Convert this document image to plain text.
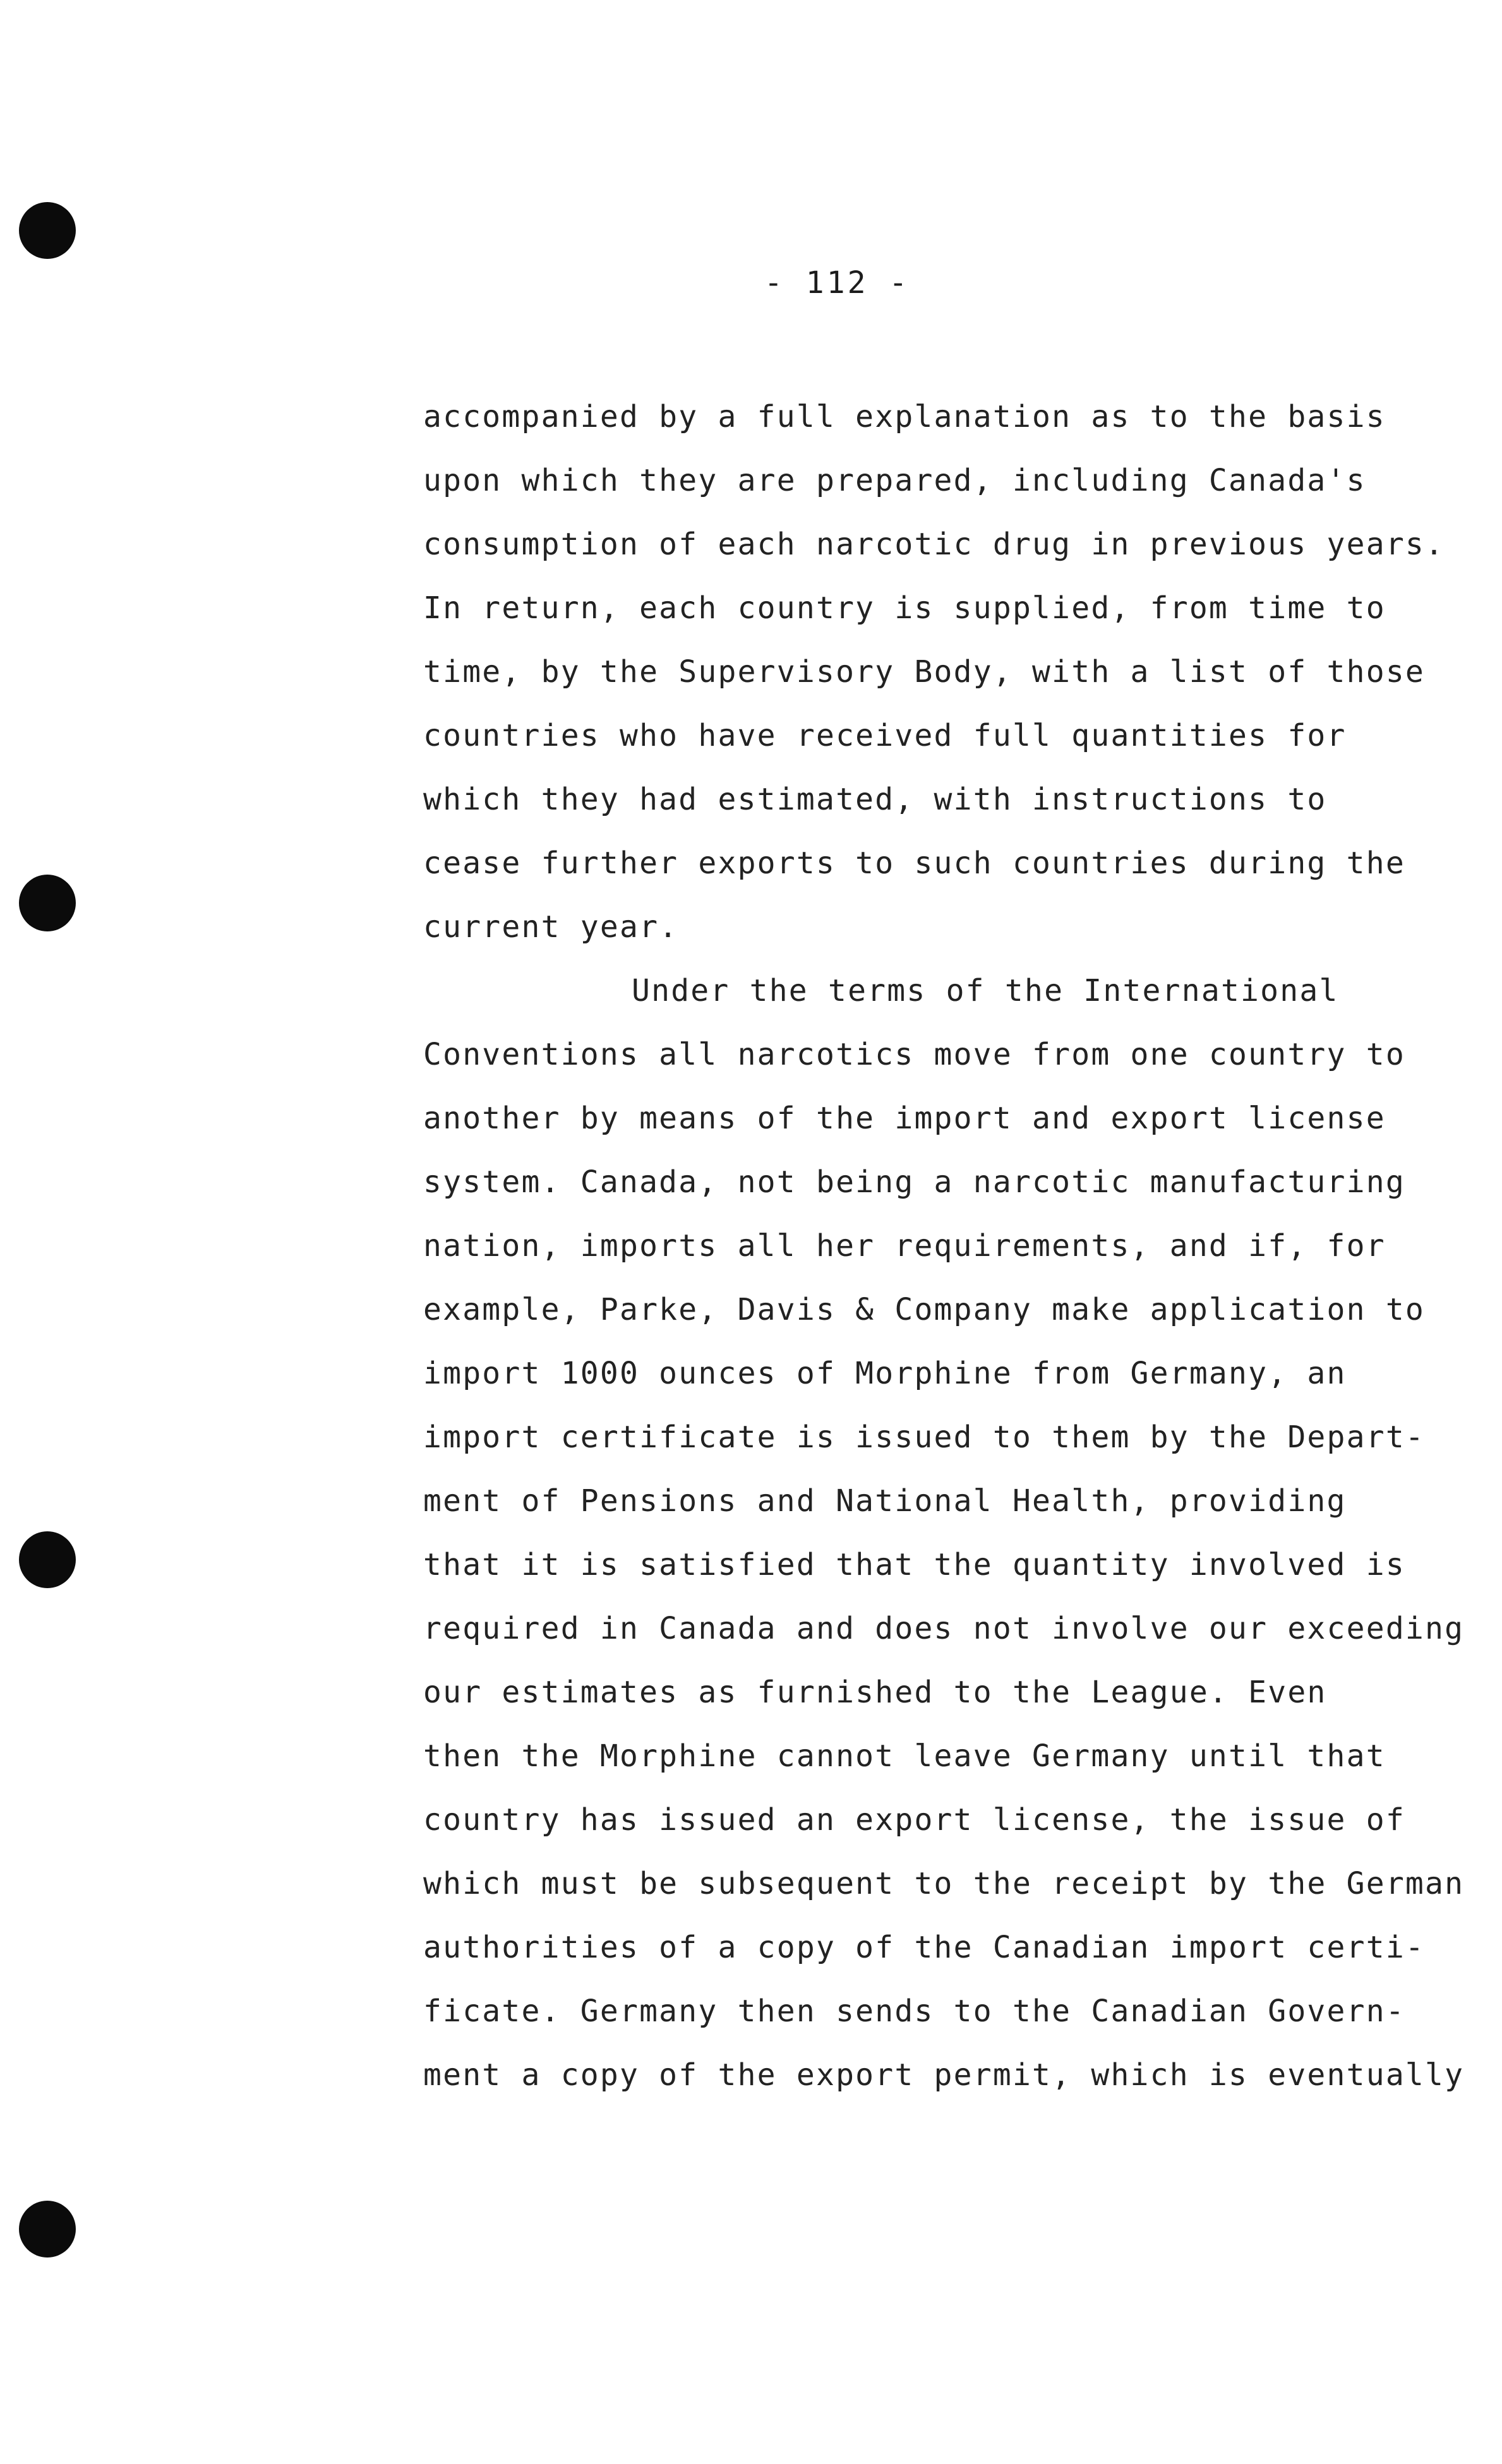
- 112 -
accompanied by a full explanation as to the basis
upon which they are prepared, including Canada's
consumption of each narcotic drug in previous years.
In return, each country is supplied, from time to
time, by the Supervisory Body, with a list of those
countries who have received full quantities for
which they had estimated, with instructions to
cease further exports to such countries during the
current year.
Under the terms of the International
Conventions all narcotics move from one country to
another by means of the import and export license
system. Canada, not being a narcotic manufacturing
nation, imports all her requirements, and if, for
example, Parke, Davis & Company make application to
import 1000 ounces of Morphine from Germany, an
import certificate is issued to them by the Depart-
ment of Pensions and National Health, providing
that it is satisfied that the quantity involved is
required in Canada and does not involve our exceeding
our estimates as furnished to the League. Even
then the Morphine cannot leave Germany until that
country has issued an export license, the issue of
which must be subsequent to the receipt by the German
authorities of a copy of the Canadian import certi-
ficate. Germany then sends to the Canadian Govern-
ment a copy of the export permit, which is eventually
